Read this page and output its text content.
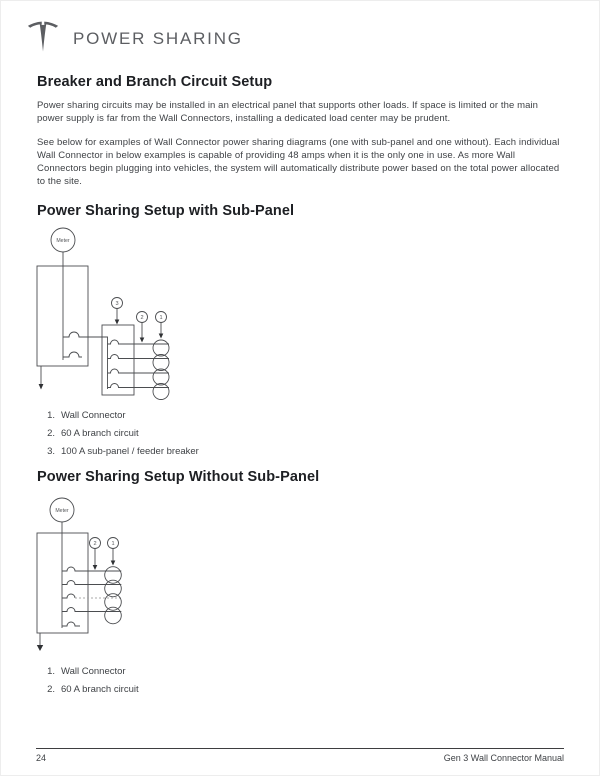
POWER SHARING
Breaker and Branch Circuit Setup

Power sharing circuits may be installed in an electrical panel that supports other loads. If space is limited or the main power supply is far from the Wall Connectors, installing a dedicated load center may be prudent.

See below for examples of Wall Connector power sharing diagrams (one with sub-panel and one without). Each individual Wall Connector in below examples is capable of providing 48 amps when it is the only one in use. As more Wall Connectors begin plugging into vehicles, the system will automatically distribute power based on the total power allocated to the site.

Power Sharing Setup with Sub-Panel
Meter
3
2	1
1. Wall Connector
2. 60 A branch circuit
3. 100 A sub-panel / feeder breaker
Power Sharing Setup Without Sub-Panel
Meter
2	1
1. Wall Connector
2. 60 A branch circuit
24	Gen 3 Wall Connector Manual
